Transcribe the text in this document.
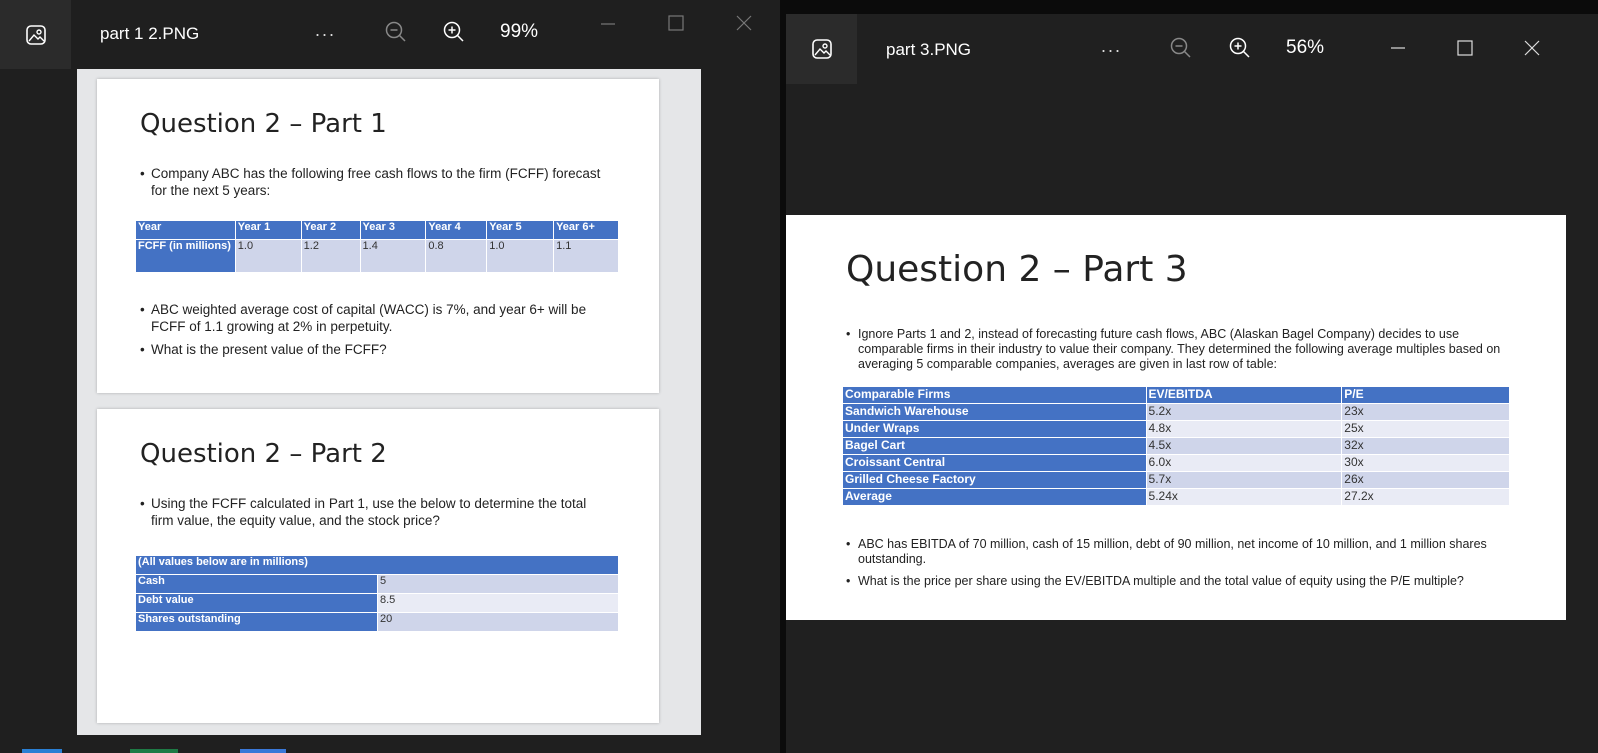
part 1 2.PNG	...	99%
Question 2 – Part 1
• Company ABC has the following free cash flows to the firm (FCFF) forecast for the next 5 years:
Year	Year 1	Year 2	Year 3	Year 4	Year 5	Year 6+
FCFF (in millions)	1.0	1.2	1.4	0.8	1.0	1.1
• ABC weighted average cost of capital (WACC) is 7%, and year 6+ will be FCFF of 1.1 growing at 2% in perpetuity.
• What is the present value of the FCFF?
Question 2 – Part 2
• Using the FCFF calculated in Part 1, use the below to determine the total firm value, the equity value, and the stock price?
(All values below are in millions)	
Cash	5
Debt value	8.5
Shares outstanding	20
part 3.PNG	...	56%
Question 2 – Part 3
• Ignore Parts 1 and 2, instead of forecasting future cash flows, ABC (Alaskan Bagel Company) decides to use comparable firms in their industry to value their company. They determined the following average multiples based on averaging 5 comparable companies, averages are given in last row of table:
Comparable Firms	EV/EBITDA	P/E
Sandwich Warehouse	5.2x	23x
Under Wraps	4.8x	25x
Bagel Cart	4.5x	32x
Croissant Central	6.0x	30x
Grilled Cheese Factory	5.7x	26x
Average	5.24x	27.2x
• ABC has EBITDA of 70 million, cash of 15 million, debt of 90 million, net income of 10 million, and 1 million shares outstanding.
• What is the price per share using the EV/EBITDA multiple and the total value of equity using the P/E multiple?
